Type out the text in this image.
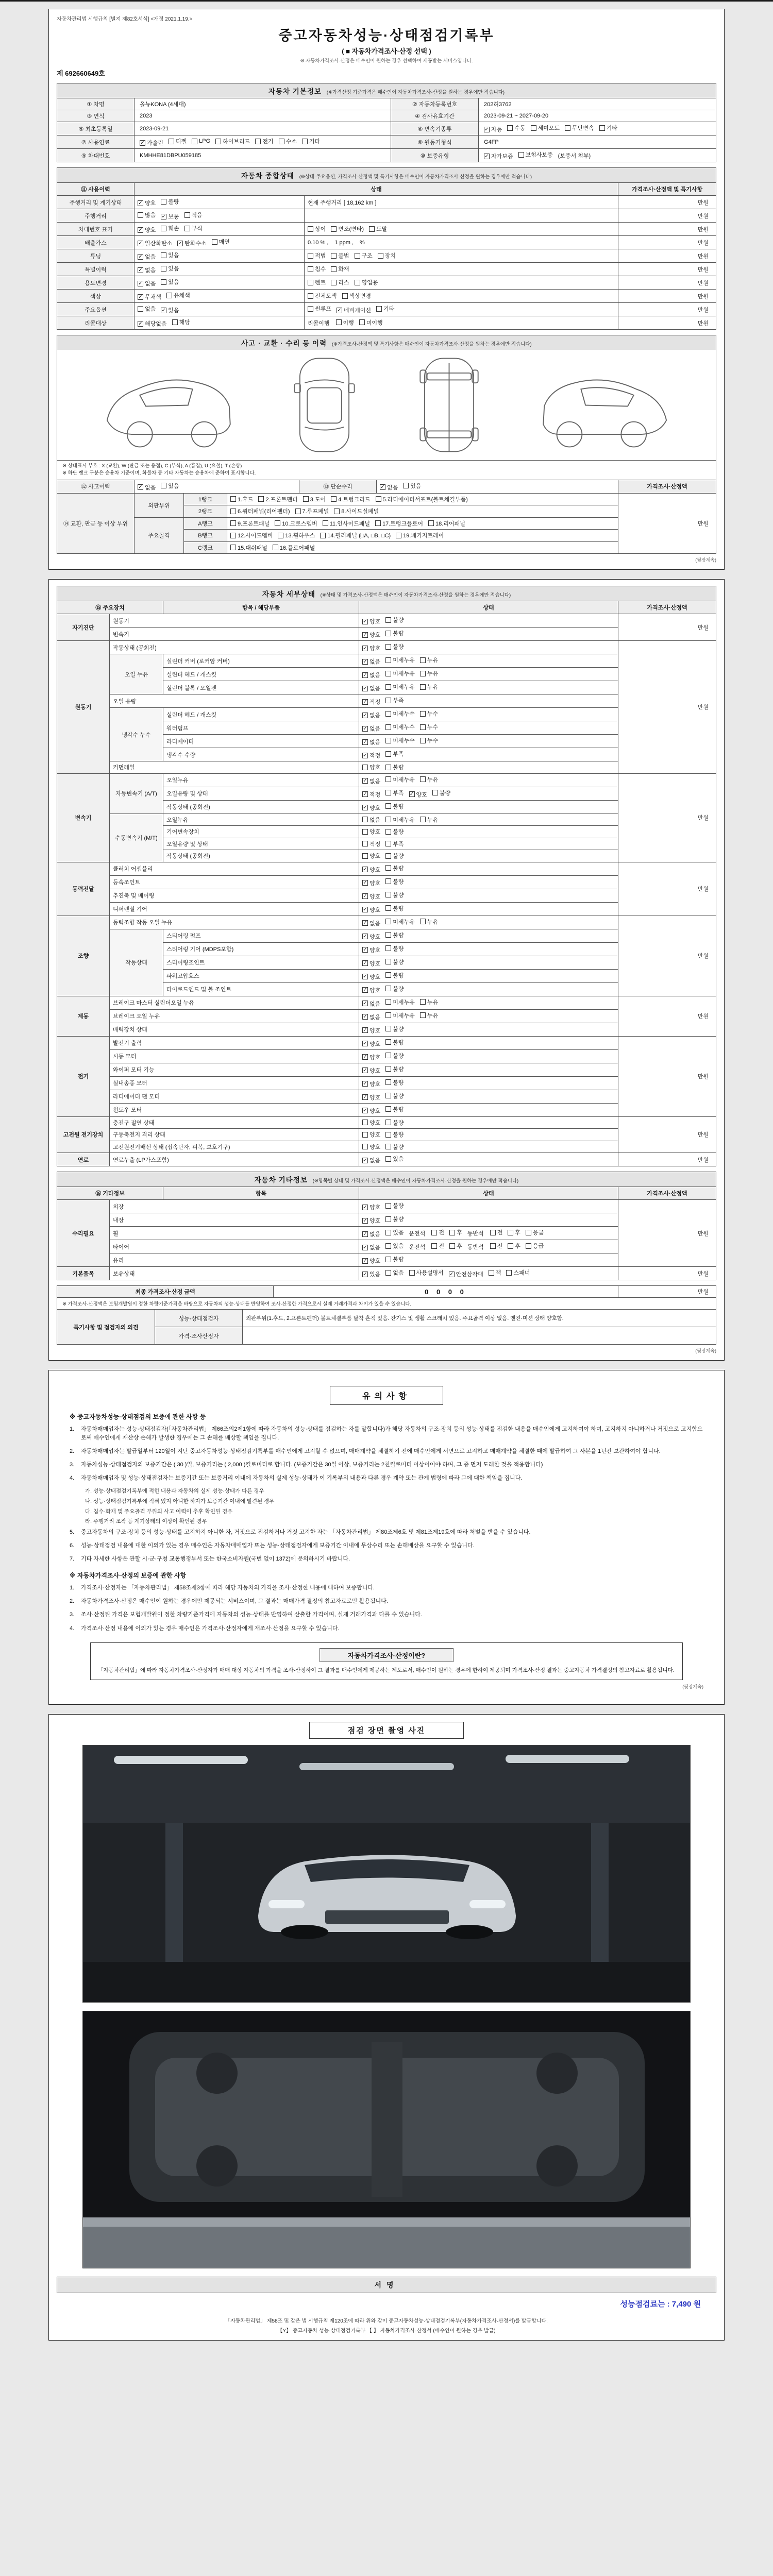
자동차관리법 시행규칙 [별지 제82호서식] <개정 2021.1.19.>
중고자동차성능·상태점검기록부
( ■ 자동차가격조사·산정 선택 )
※ 자동차가격조사·산정은 매수인이 원하는 경우 선택하여 제공받는 서비스입니다.
제 692660649호
자동차 기본정보 (※가격산정 기준가격은 매수인이 자동차가격조사·산정을 원하는 경우에만 적습니다)
① 차명	올뉴KONA (4세대)	② 자동차등록번호	202허3762
③ 연식	2023	④ 검사유효기간	2023-09-21 ~ 2027-09-20
⑤ 최초등록일	2023-09-21	⑥ 변속기종류	✓ 자동 수동 세미오토 무단변속 기타

⑦ 사용연료	✓ 가솔린 디젤 LPG 하이브리드 전기 수소 기타	⑧ 원동기형식	G4FP
⑨ 차대번호	KMHHE81DBPU059185	⑩ 보증유형	✓ 자가보증 보험사보증 (보증서 첨부)
자동차 종합상태 (※상태·주요옵션, 가격조사·산정액 및 특기사항은 매수인이 자동차가격조사·산정을 원하는 경우에만 적습니다)
⑪ 사용이력	상태		가격조사·산정액 및 특기사항
주행거리 및 계기상태	✓ 양호 불량	현재 주행거리 [ 18,162 km ]	만원
주행거리	많음 ✓ 보통 적음		만원
차대번호 표기	✓ 양호 훼손 부식	상이 변조(변타) 도말	만원
배출가스	✓ 일산화탄소 ✓ 탄화수소 매연	0.10 % , 1 ppm , %	만원
튜닝	✓ 없음 있음	적법 불법 구조 장치	만원
특별이력	✓ 없음 있음	침수 화재	만원
용도변경	✓ 없음 있음	렌트 리스 영업용	만원
색상	✓ 무채색 유채색	전체도색 색상변경	만원
주요옵션	없음 ✓ 있음	썬루프 ✓ 네비게이션 기타	만원
리콜대상	✓ 해당없음 해당	리콜이행 이행 미이행	만원
사고 · 교환 · 수리 등 이력 (※가격조사·산정액 및 특기사항은 매수인이 자동차가격조사·산정을 원하는 경우에만 적습니다)
※ 상태표시 부호 : X (교환), W (판금 또는 용접), C (부식), A (흠집), U (요철), T (손상)
※ 하단 랭크 구분은 승용차 기준이며, 화물차 등 기타 자동차는 승용차에 준하여 표시합니다.
⑫ 사고이력	✓ 없음 있음	⑬ 단순수리	✓ 없음 있음	가격조사·산정액
⑭ 교환, 판금 등 이상 부위	외판부위	1랭크	1.후드 2.프론트펜더 3.도어 4.트렁크리드 5.라디에이터서포트(볼트체결부품)	만원
		2랭크	6.쿼터패널(리어펜더) 7.루프패널 8.사이드실패널	

	주요골격	A랭크	9.프론트패널 10.크로스멤버 11.인사이드패널 17.트렁크플로어 18.리어패널	

		B랭크	12.사이드멤버 13.휠하우스 14.필러패널 (□A, □B, □C) 19.패키지트레이	

		C랭크	15.대쉬패널 16.플로어패널	
(뒷장계속)
자동차 세부상태 (※상태 및 가격조사·산정액은 매수인이 자동차가격조사·산정을 원하는 경우에만 적습니다)
⑮ 주요장치		항목 / 해당부품	상태	가격조사·산정액
자기진단	원동기		✓ 양호 불량	만원
	변속기		✓ 양호 불량	

원동기	작동상태 (공회전)		✓ 양호 불량	만원
	오일 누유	실린더 커버 (로커암 커버)	✓ 없음 미세누유 누유	

		실린더 헤드 / 개스킷	✓ 없음 미세누유 누유	

		실린더 블록 / 오일팬	✓ 없음 미세누유 누유	

	오일 유량		✓ 적정 부족	

	냉각수 누수	실린더 헤드 / 개스킷	✓ 없음 미세누수 누수	

		워터펌프	✓ 없음 미세누수 누수	

		라디에이터	✓ 없음 미세누수 누수	

		냉각수 수량	✓ 적정 부족	

	커먼레일		양호 불량	

변속기	자동변속기 (A/T)	오일누유	✓ 없음 미세누유 누유	만원
오일유량 및 상태	✓ 적정 부족 ✓ 양호 불량

		작동상태 (공회전)	✓ 양호 불량	

	수동변속기 (M/T)	오일누유	없음 미세누유 누유	

		기어변속장치	양호 불량	

		오일유량 및 상태	적정 부족	

		작동상태 (공회전)	양호 불량	

동력전달	클러치 어셈블리		✓ 양호 불량	만원
	등속조인트		✓ 양호 불량	

	추진축 및 베어링		✓ 양호 불량	

	디퍼렌셜 기어		✓ 양호 불량	

조향	동력조향 작동 오일 누유		✓ 없음 미세누유 누유	만원
	작동상태	스티어링 펌프	✓ 양호 불량	

		스티어링 기어 (MDPS포함)	✓ 양호 불량	

		스티어링조인트	✓ 양호 불량	

		파워고압호스	✓ 양호 불량	

		타이로드엔드 및 볼 조인트	✓ 양호 불량	

제동	브레이크 마스터 실린더오일 누유		✓ 없음 미세누유 누유	만원
	브레이크 오일 누유		✓ 없음 미세누유 누유	

	배력장치 상태		✓ 양호 불량	

전기	발전기 출력		✓ 양호 불량	만원
	시동 모터		✓ 양호 불량	

	와이퍼 모터 기능		✓ 양호 불량	

	실내송풍 모터		✓ 양호 불량	

	라디에이터 팬 모터		✓ 양호 불량	

	윈도우 모터		✓ 양호 불량	

고전원 전기장치	충전구 절연 상태		양호 불량	만원
	구동축전지 격리 상태		양호 불량	

	고전원전기배선 상태 (접속단자, 피복, 보호기구)		양호 불량	

연료	연료누출 (LP가스포함)		✓ 없음 있음	만원
자동차 기타정보 (※항목별 상태 및 가격조사·산정액은 매수인이 자동차가격조사·산정을 원하는 경우에만 적습니다)
⑯ 기타정보		항목	상태	가격조사·산정액
수리필요	외장		✓ 양호 불량	만원
	내장		✓ 양호 불량	

휠	✓ 없음 있음 운전석 전 후 동반석 전 후 응급

타이어	✓ 없음 있음 운전석 전 후 동반석 전 후 응급

	유리		✓ 양호 불량	

기본품목	보유상태	✓ 있음 없음 사용설명서 ✓ 안전삼각대 잭 스패너	만원
최종 가격조사·산정 금액	0 0 0 0	만원
※ 가격조사·산정액은 보험개발원이 정한 차량기준가격을 바탕으로 자동차의 성능·상태를 반영하여 조사·산정한 가격으로서 실제 거래가격과 차이가 있을 수 있습니다.
특기사항 및 점검자의 의견	성능·상태점검자	외판부위(1.후드, 2.프론트펜더) 볼트체결부품 탈착 흔적 있음. 잔기스 및 생활 스크래치 있음. 주요골격 이상 없음. 엔진·미션 상태 양호함.
	가격·조사산정자	
(뒷장계속)
유의사항
※ 중고자동차성능·상태점검의 보증에 관한 사항 등
1.	자동차매매업자는 성능·상태점검자(「자동차관리법」 제66조의2제1항에 따라 자동차의 성능·상태를 점검하는 자를 말합니다)가 해당 자동차의 구조·장치 등의 성능·상태를 점검한 내용을 매수인에게 고지하여야 하며, 고지하지 아니하거나 거짓으로 고지함으로써 매수인에게 재산상 손해가 발생한 경우에는 그 손해를 배상할 책임을 집니다.
2.	자동차매매업자는 발급일부터 120일이 지난 중고자동차성능·상태점검기록부를 매수인에게 고지할 수 없으며, 매매계약을 체결하기 전에 매수인에게 서면으로 고지하고 매매계약을 체결한 때에 발급하여 그 사본을 1년간 보관하여야 합니다.
3.	자동차성능·상태점검자의 보증기간은 ( 30 )일, 보증거리는 ( 2,000 )킬로미터로 합니다. (보증기간은 30일 이상, 보증거리는 2천킬로미터 이상이어야 하며, 그 중 먼저 도래한 것을 적용합니다)
4.	자동차매매업자 및 성능·상태점검자는 보증기간 또는 보증거리 이내에 자동차의 실제 성능·상태가 이 기록부의 내용과 다른 경우 계약 또는 관계 법령에 따라 그에 대한 책임을 집니다.
가. 성능·상태점검기록부에 적힌 내용과 자동차의 실제 성능·상태가 다른 경우
나. 성능·상태점검기록부에 적혀 있지 아니한 하자가 보증기간 이내에 발견된 경우
다. 침수·화재 및 주요골격 부위의 사고 이력이 추후 확인된 경우
라. 주행거리 조작 등 계기상태의 이상이 확인된 경우
5.	중고자동차의 구조·장치 등의 성능·상태를 고지하지 아니한 자, 거짓으로 점검하거나 거짓 고지한 자는 「자동차관리법」 제80조제6호 및 제81조제19호에 따라 처벌을 받을 수 있습니다.
6.	성능·상태점검 내용에 대한 이의가 있는 경우 매수인은 자동차매매업자 또는 성능·상태점검자에게 보증기간 이내에 무상수리 또는 손해배상을 요구할 수 있습니다.
7.	기타 자세한 사항은 관할 시·군·구청 교통행정부서 또는 한국소비자원(국번 없이 1372)에 문의하시기 바랍니다.
※ 자동차가격조사·산정의 보증에 관한 사항
1.	가격조사·산정자는 「자동차관리법」 제58조제3항에 따라 해당 자동차의 가격을 조사·산정한 내용에 대하여 보증합니다.
2.	자동차가격조사·산정은 매수인이 원하는 경우에만 제공되는 서비스이며, 그 결과는 매매가격 결정의 참고자료로만 활용됩니다.
3.	조사·산정된 가격은 보험개발원이 정한 차량기준가격에 자동차의 성능·상태를 반영하여 산출한 가격이며, 실제 거래가격과 다를 수 있습니다.
4.	가격조사·산정 내용에 이의가 있는 경우 매수인은 가격조사·산정자에게 재조사·산정을 요구할 수 있습니다.
자동차가격조사·산정이란?
「자동차관리법」에 따라 자동차가격조사·산정자가 매매 대상 자동차의 가격을 조사·산정하여 그 결과를 매수인에게 제공하는 제도로서, 매수인이 원하는 경우에 한하여 제공되며 가격조사·산정 결과는 중고자동차 가격결정의 참고자료로 활용됩니다.
(뒷장계속)
점검 장면 촬영 사진
서명
성능점검료는 : 7,490 원
「자동차관리법」 제58조 및 같은 법 시행규칙 제120조에 따라 위와 같이 중고자동차성능·상태점검기록부(자동차가격조사·산정서)를 발급합니다.
【Y】 중고자동차 성능·상태점검기록부 【 】 자동차가격조사·산정서 (매수인이 원하는 경우 발급)
